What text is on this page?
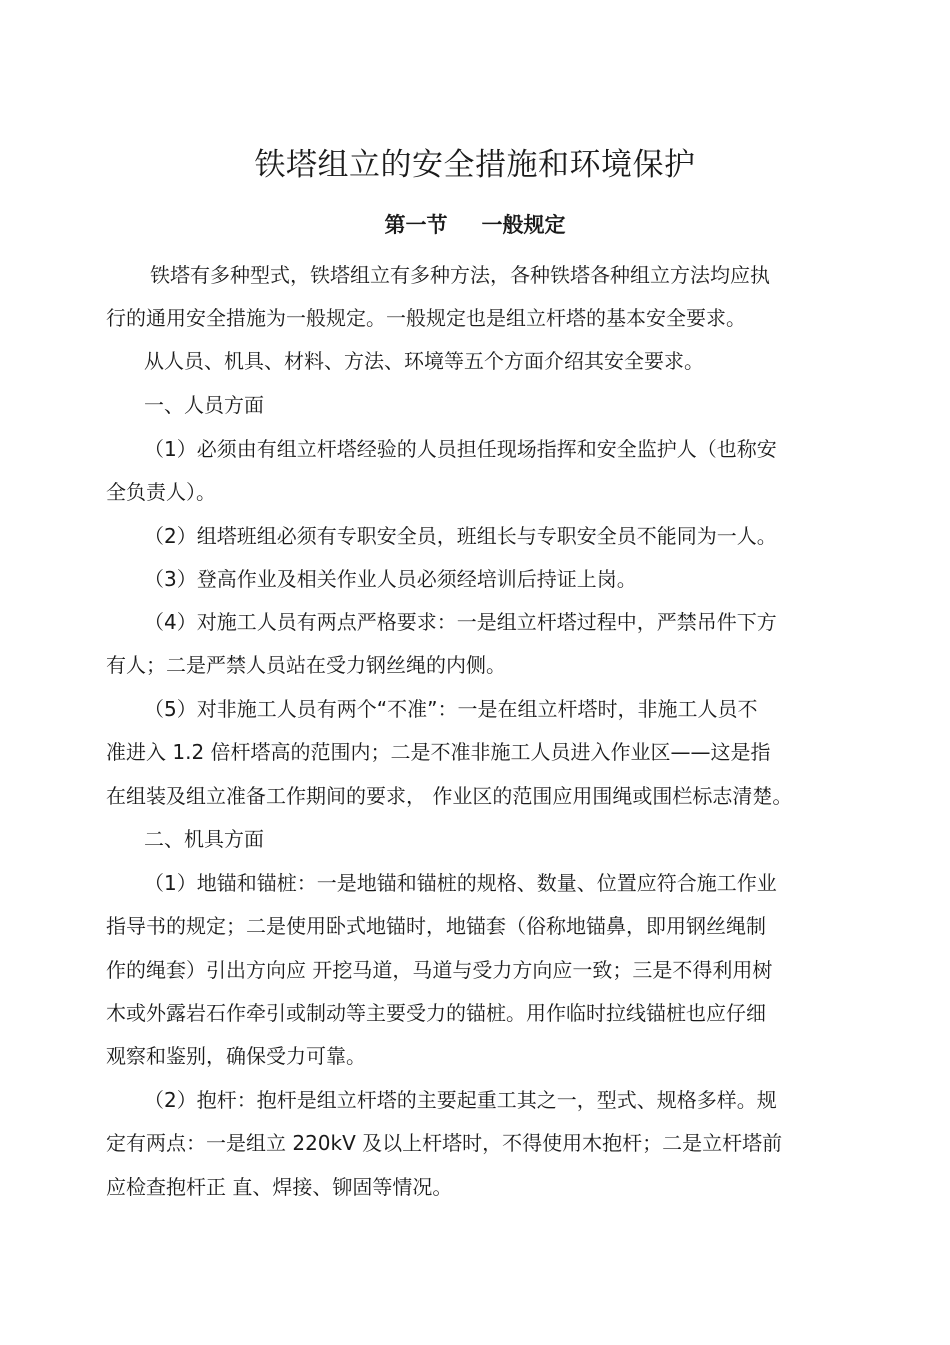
铁塔组立的安全措施和环境保护
第一节 一般规定

铁塔有多种型式，铁塔组立有多种方法，各种铁塔各种组立方法均应执

行的通用安全措施为一般规定。一般规定也是组立杆塔的基本安全要求。

从人员、机具、材料、方法、环境等五个方面介绍其安全要求。

一、人员方面

（1）必须由有组立杆塔经验的人员担任现场指挥和安全监护人（也称安

全负责人）。

（2）组塔班组必须有专职安全员，班组长与专职安全员不能同为一人。

（3）登高作业及相关作业人员必须经培训后持证上岗。

（4）对施工人员有两点严格要求：一是组立杆塔过程中，严禁吊件下方

有人；二是严禁人员站在受力钢丝绳的内侧。

（5）对非施工人员有两个“不准”：一是在组立杆塔时，非施工人员不

准进入 1.2 倍杆塔高的范围内；二是不准非施工人员进入作业区——这是指

在组装及组立准备工作期间的要求， 作业区的范围应用围绳或围栏标志清楚。

二、机具方面

（1）地锚和锚桩：一是地锚和锚桩的规格、数量、位置应符合施工作业

指导书的规定；二是使用卧式地锚时，地锚套（俗称地锚鼻，即用钢丝绳制

作的绳套）引出方向应 开挖马道，马道与受力方向应一致；三是不得利用树

木或外露岩石作牵引或制动等主要受力的锚桩。用作临时拉线锚桩也应仔细

观察和鉴别，确保受力可靠。

（2）抱杆：抱杆是组立杆塔的主要起重工其之一，型式、规格多样。规

定有两点：一是组立 220kV 及以上杆塔时，不得使用木抱杆；二是立杆塔前

应检查抱杆正 直、焊接、铆固等情况。
